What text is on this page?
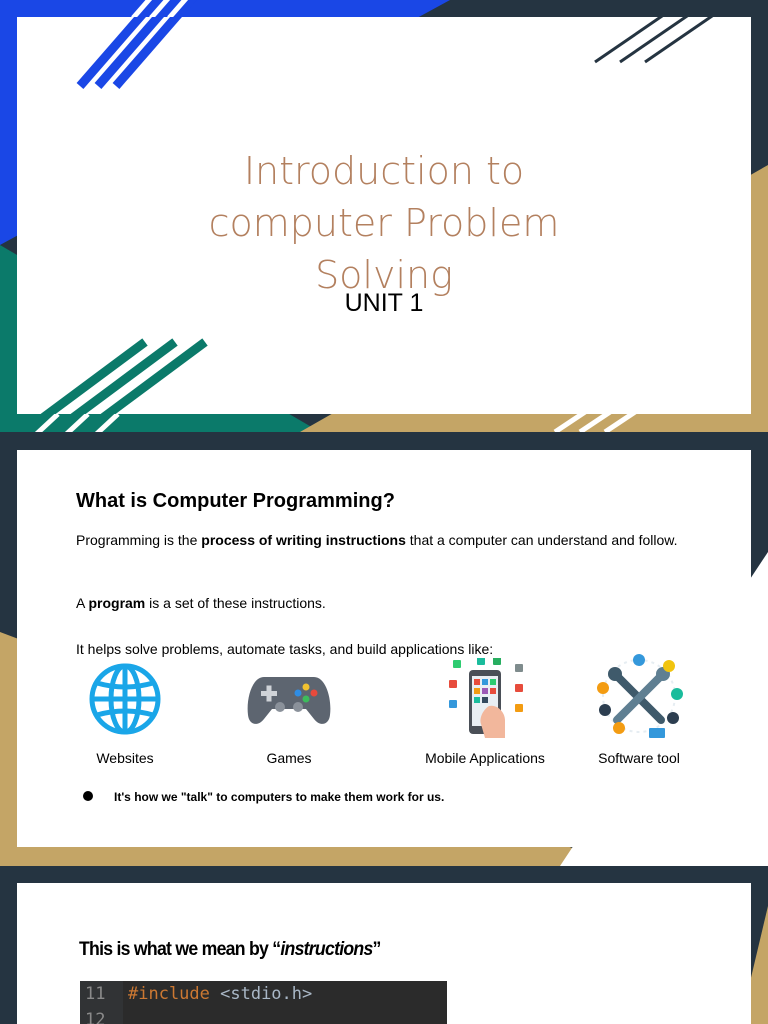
Introduction to
computer Problem
Solving
UNIT 1
What is Computer Programming?
Programming is the process of writing instructions that a computer can understand and follow.
A program is a set of these instructions.
It helps solve problems, automate tasks, and build applications like:
Websites	Games	Mobile Applications	Software tool
It's how we "talk" to computers to make them work for us.
This is what we mean by “instructions”
11 #include <stdio.h>
12
